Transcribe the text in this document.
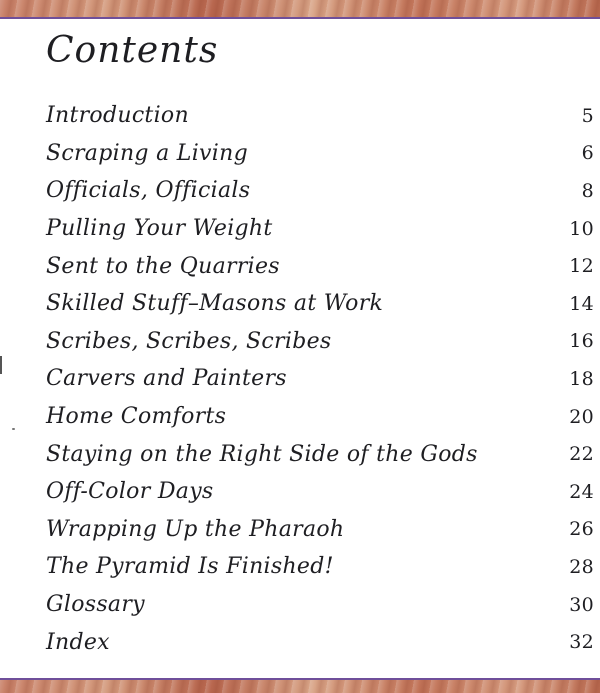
Contents
Introduction	5
Scraping a Living	6
Officials, Officials	8
Pulling Your Weight	10
Sent to the Quarries	12
Skilled Stuff–Masons at Work	14
Scribes, Scribes, Scribes	16
Carvers and Painters	18
Home Comforts	20
Staying on the Right Side of the Gods	22
Off-Color Days	24
Wrapping Up the Pharaoh	26
The Pyramid Is Finished!	28
Glossary	30
Index	32
